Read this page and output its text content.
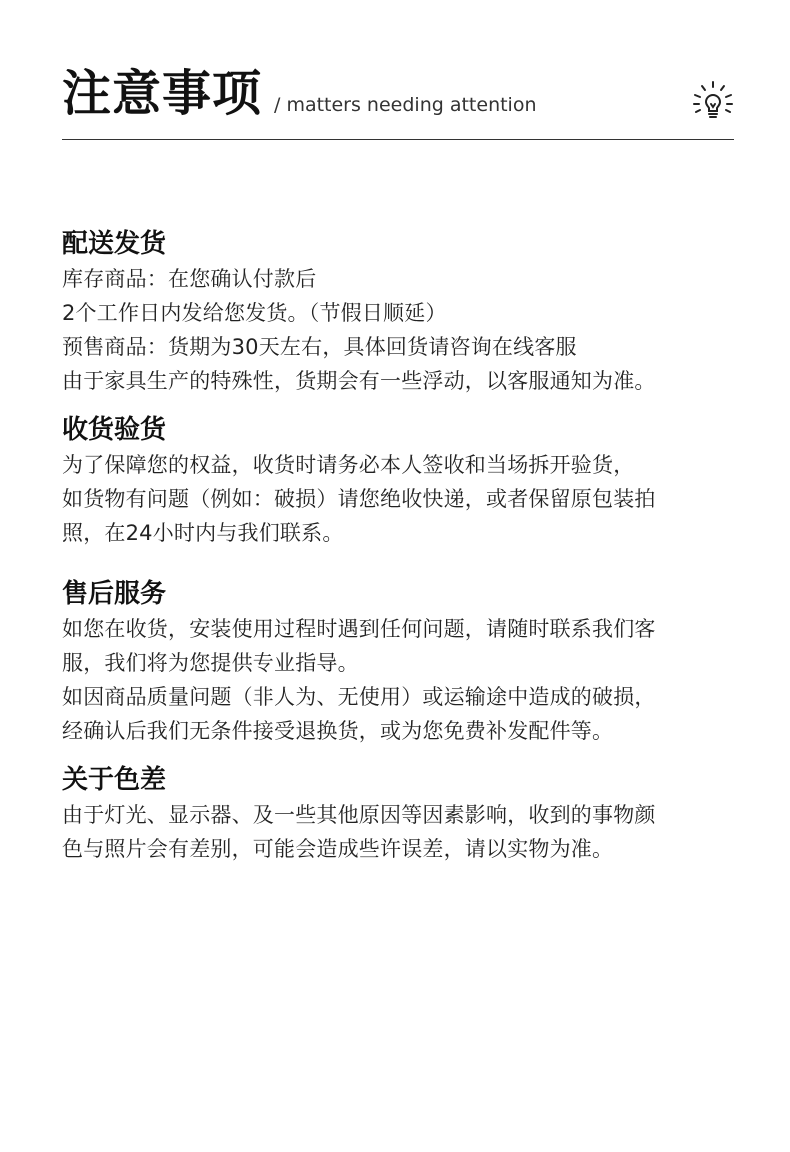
注意事项 / matters needing attention
配送发货
库存商品：在您确认付款后
2个工作日内发给您发货。（节假日顺延）
预售商品：货期为30天左右，具体回货请咨询在线客服
由于家具生产的特殊性，货期会有一些浮动，以客服通知为准。
收货验货
为了保障您的权益，收货时请务必本人签收和当场拆开验货，
如货物有问题（例如：破损）请您绝收快递，或者保留原包装拍
照，在24小时内与我们联系。
售后服务
如您在收货，安装使用过程时遇到任何问题，请随时联系我们客
服，我们将为您提供专业指导。
如因商品质量问题（非人为、无使用）或运输途中造成的破损，
经确认后我们无条件接受退换货，或为您免费补发配件等。
关于色差
由于灯光、显示器、及一些其他原因等因素影响，收到的事物颜
色与照片会有差别，可能会造成些许误差，请以实物为准。
